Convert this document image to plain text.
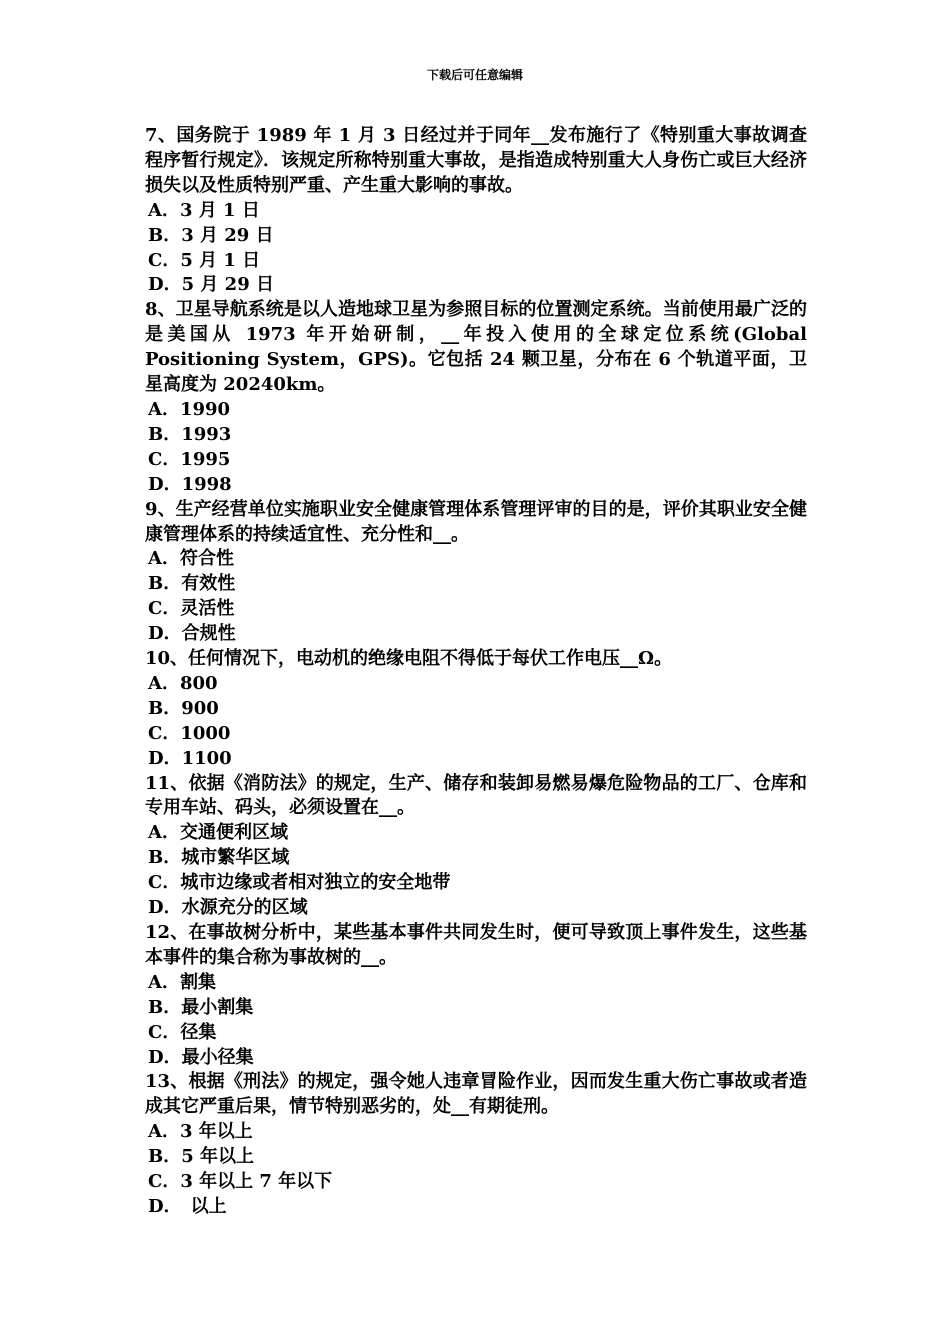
下载后可任意编辑

7、国务院于 1989 年 1 月 3 日经过并于同年__发布施行了《特别重大事故调查程序暂行规定》．该规定所称特别重大事故，是指造成特别重大人身伤亡或巨大经济损失以及性质特别严重、产生重大影响的事故。

A．3 月 1 日

B．3 月 29 日

C．5 月 1 日

D．5 月 29 日

8、卫星导航系统是以人造地球卫星为参照目标的位置测定系统。当前使用最广泛的是美国从 1973 年开始研制，__年投入使用的全球定位系统(Global Positioning System，GPS)。它包括 24 颗卫星，分布在 6 个轨道平面，卫星高度为 20240km。

A．1990

B．1993

C．1995

D．1998

9、生产经营单位实施职业安全健康管理体系管理评审的目的是，评价其职业安全健康管理体系的持续适宜性、充分性和__。

A．符合性

B．有效性

C．灵活性

D．合规性

10、任何情况下，电动机的绝缘电阻不得低于每伏工作电压__Ω。

A．800

B．900

C．1000

D．1100

11、依据《消防法》的规定，生产、储存和装卸易燃易爆危险物品的工厂、仓库和专用车站、码头，必须设置在__。

A．交通便利区域

B．城市繁华区域

C．城市边缘或者相对独立的安全地带

D．水源充分的区域

12、在事故树分析中，某些基本事件共同发生时，便可导致顶上事件发生，这些基本事件的集合称为事故树的__。

A．割集

B．最小割集

C．径集

D．最小径集

13、根据《刑法》的规定，强令她人违章冒险作业，因而发生重大伤亡事故或者造成其它严重后果，情节特别恶劣的，处__有期徒刑。

A．3 年以上

B．5 年以上

C．3 年以上 7 年以下

D．　以上
